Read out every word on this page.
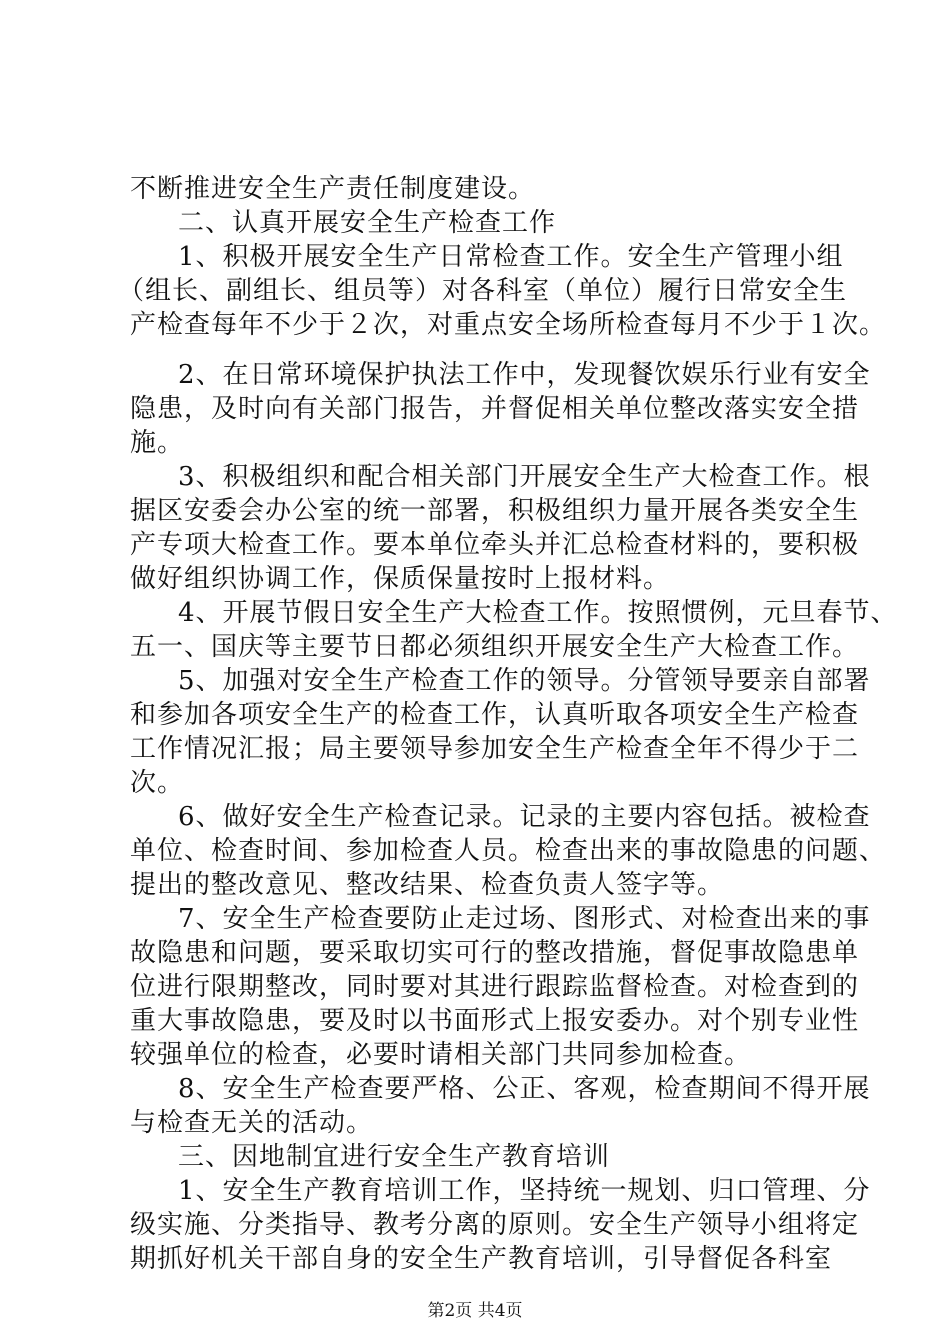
不断推进安全生产责任制度建设。
二、认真开展安全生产检查工作
1、积极开展安全生产日常检查工作。安全生产管理小组
（组长、副组长、组员等）对各科室（单位）履行日常安全生
产检查每年不少于２次，对重点安全场所检查每月不少于１次。
2、在日常环境保护执法工作中，发现餐饮娱乐行业有安全
隐患，及时向有关部门报告，并督促相关单位整改落实安全措
施。
3、积极组织和配合相关部门开展安全生产大检查工作。根
据区安委会办公室的统一部署，积极组织力量开展各类安全生
产专项大检查工作。要本单位牵头并汇总检查材料的，要积极
做好组织协调工作，保质保量按时上报材料。
4、开展节假日安全生产大检查工作。按照惯例，元旦春节、
五一、国庆等主要节日都必须组织开展安全生产大检查工作。
5、加强对安全生产检查工作的领导。分管领导要亲自部署
和参加各项安全生产的检查工作，认真听取各项安全生产检查
工作情况汇报；局主要领导参加安全生产检查全年不得少于二
次。
6、做好安全生产检查记录。记录的主要内容包括。被检查
单位、检查时间、参加检查人员。检查出来的事故隐患的问题、
提出的整改意见、整改结果、检查负责人签字等。
7、安全生产检查要防止走过场、图形式、对检查出来的事
故隐患和问题，要采取切实可行的整改措施，督促事故隐患单
位进行限期整改，同时要对其进行跟踪监督检查。对检查到的
重大事故隐患，要及时以书面形式上报安委办。对个别专业性
较强单位的检查，必要时请相关部门共同参加检查。
8、安全生产检查要严格、公正、客观，检查期间不得开展
与检查无关的活动。
三、因地制宜进行安全生产教育培训
1、安全生产教育培训工作，坚持统一规划、归口管理、分
级实施、分类指导、教考分离的原则。安全生产领导小组将定
期抓好机关干部自身的安全生产教育培训，引导督促各科室
第2页 共4页
